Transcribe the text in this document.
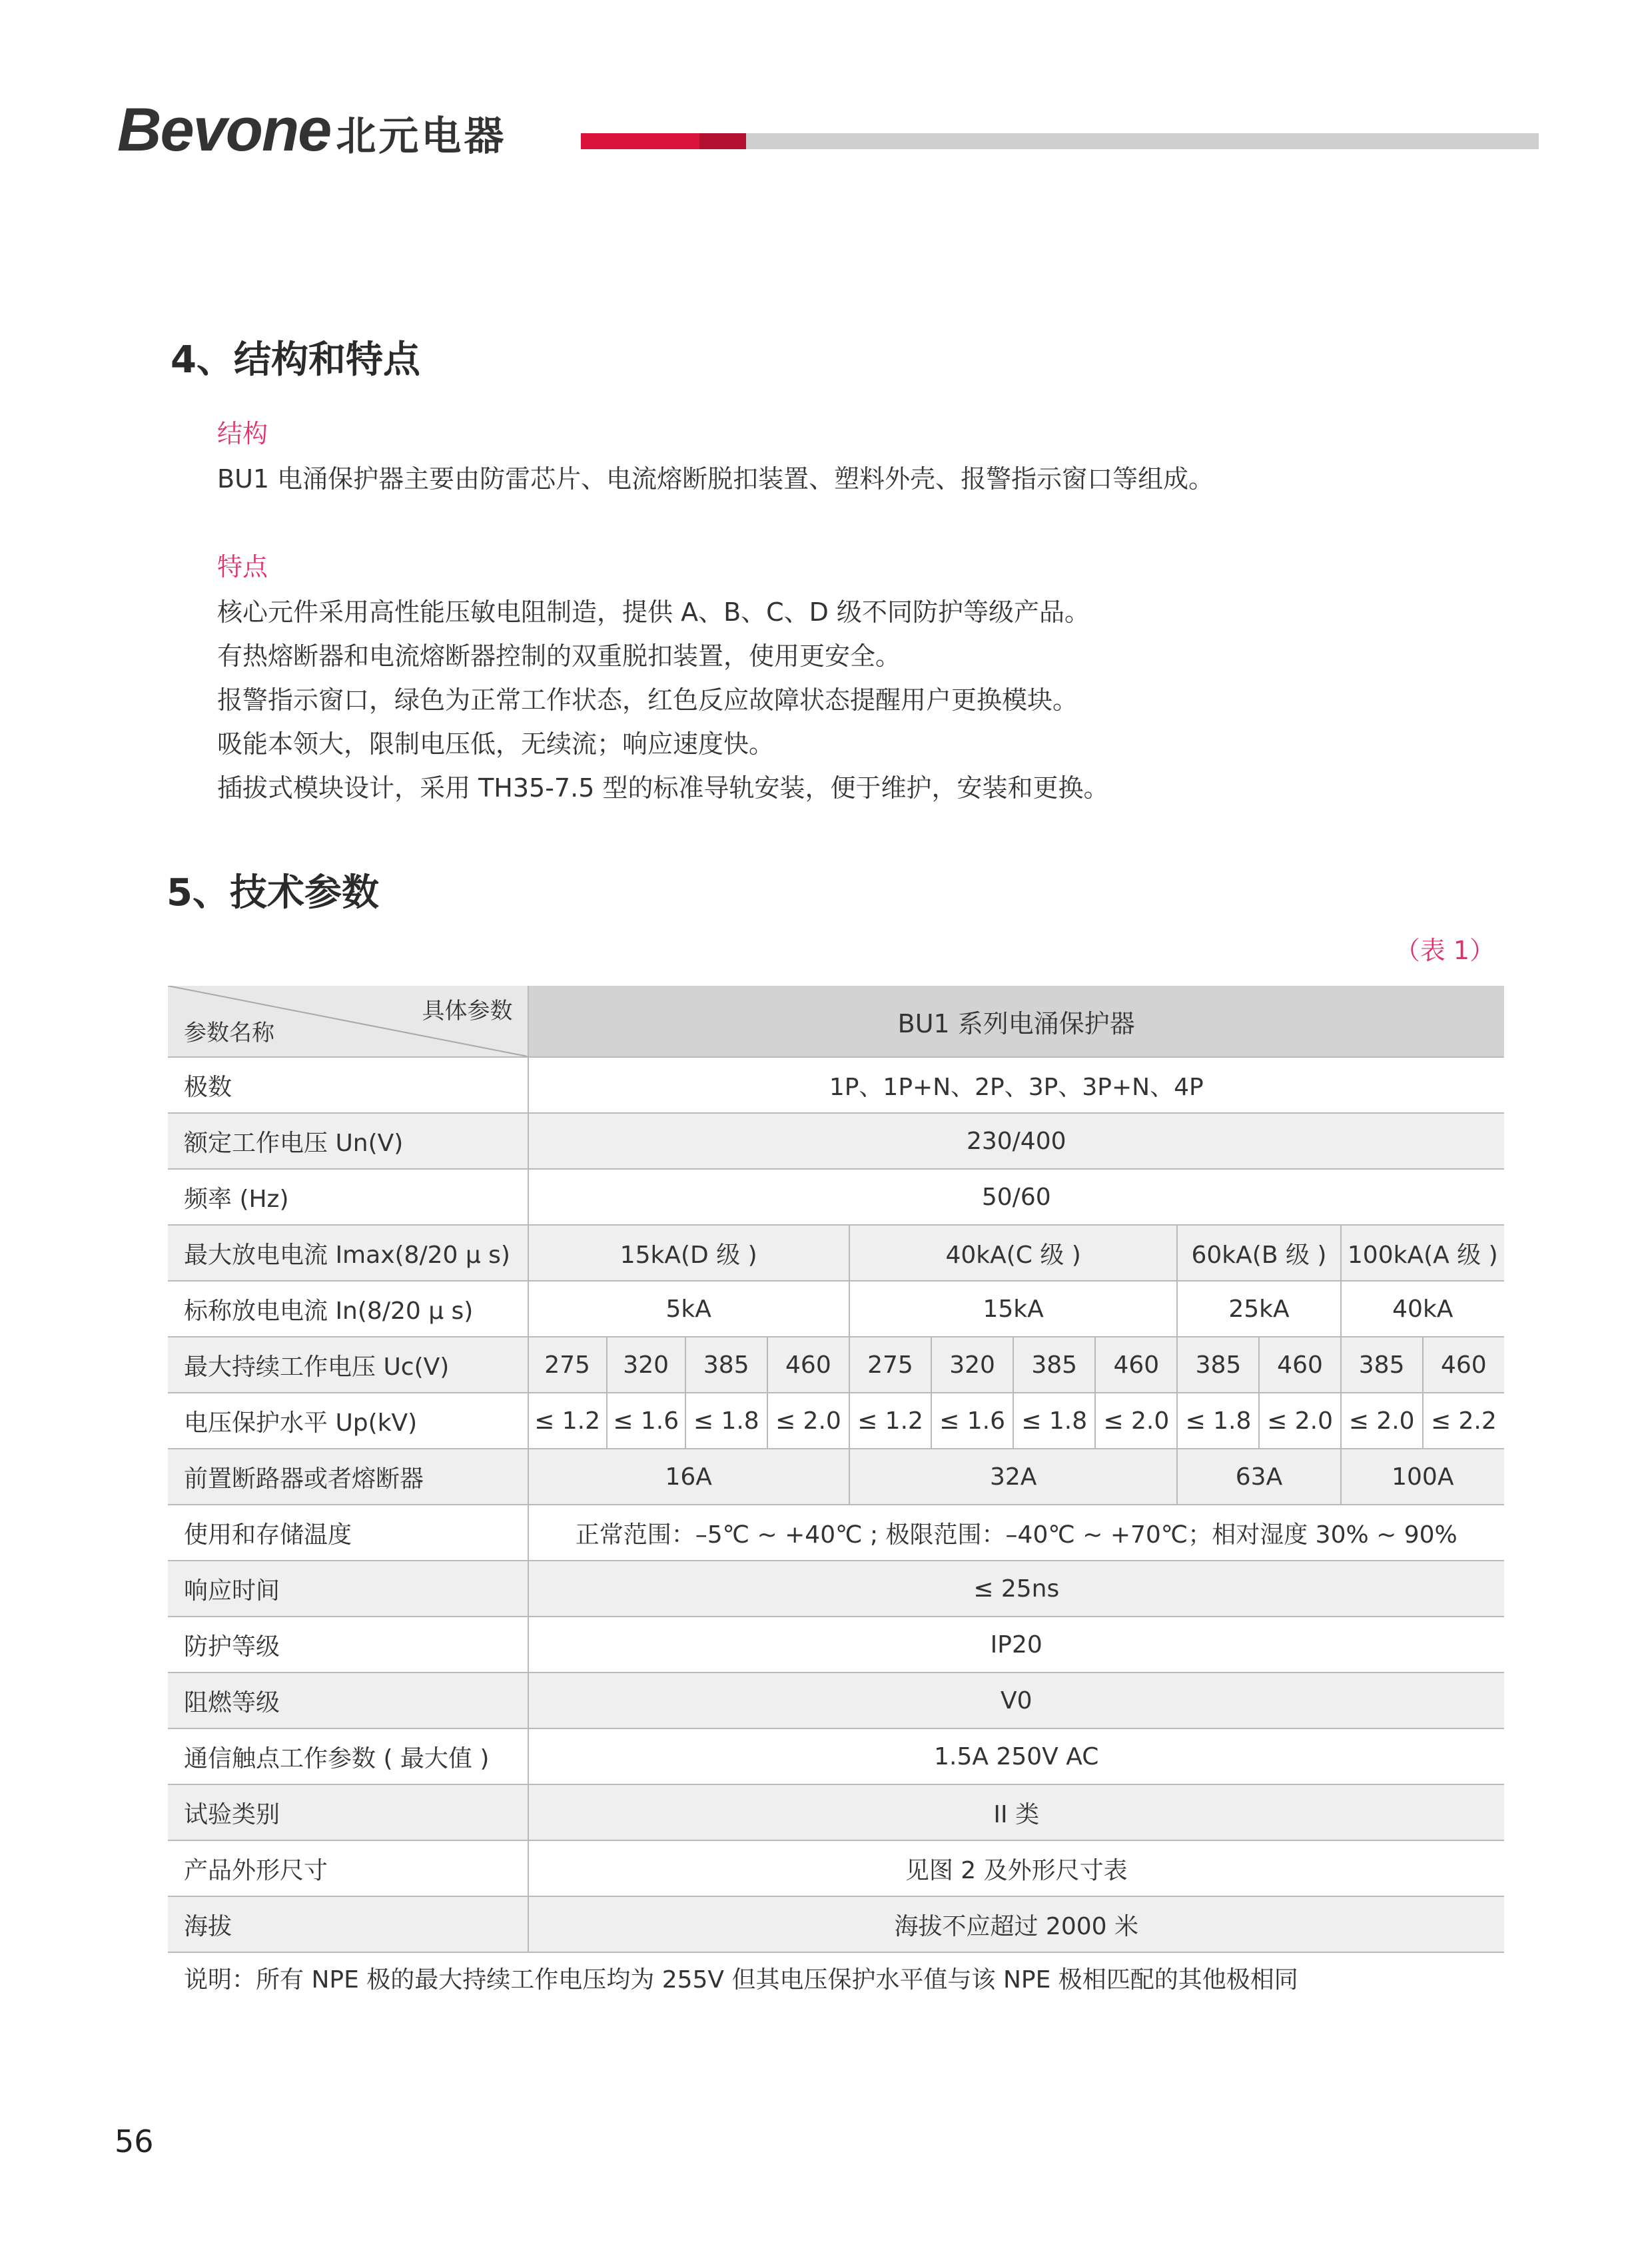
Bevone 北元电器
4、结构和特点
结构
BU1 电涌保护器主要由防雷芯片、电流熔断脱扣装置、塑料外壳、报警指示窗口等组成。
特点
核心元件采用高性能压敏电阻制造，提供 A、B、C、D 级不同防护等级产品。
有热熔断器和电流熔断器控制的双重脱扣装置，使用更安全。
报警指示窗口，绿色为正常工作状态，红色反应故障状态提醒用户更换模块。
吸能本领大，限制电压低，无续流；响应速度快。
插拔式模块设计，采用 TH35-7.5 型的标准导轨安装，便于维护，安装和更换。
5、技术参数
（表 1）
具体参数
参数名称	BU1 系列电涌保护器											
极数	1P、1P+N、2P、3P、3P+N、4P											
额定工作电压 Un(V)	230/400											
频率 (Hz)	50/60											
最大放电电流 Imax(8/20 μ s)	15kA(D 级 )				40kA(C 级 )				60kA(B 级 )		100kA(A 级 )	
标称放电电流 In(8/20 μ s)	5kA				15kA				25kA		40kA	
最大持续工作电压 Uc(V)	275	320	385	460	275	320	385	460	385	460	385	460
电压保护水平 Up(kV)	≤ 1.2	≤ 1.6	≤ 1.8	≤ 2.0	≤ 1.2	≤ 1.6	≤ 1.8	≤ 2.0	≤ 1.8	≤ 2.0	≤ 2.0	≤ 2.2
前置断路器或者熔断器	16A				32A				63A		100A	
使用和存储温度	正常范围：–5℃ ~ +40℃ ; 极限范围：–40℃ ~ +70℃；相对湿度 30% ~ 90%											
响应时间	≤ 25ns											
防护等级	IP20											
阻燃等级	V0											
通信触点工作参数 ( 最大值 )	1.5A 250V AC											
试验类别	II 类											
产品外形尺寸	见图 2 及外形尺寸表											
海拔	海拔不应超过 2000 米											
说明：所有 NPE 极的最大持续工作电压均为 255V 但其电压保护水平值与该 NPE 极相匹配的其他极相同
56
